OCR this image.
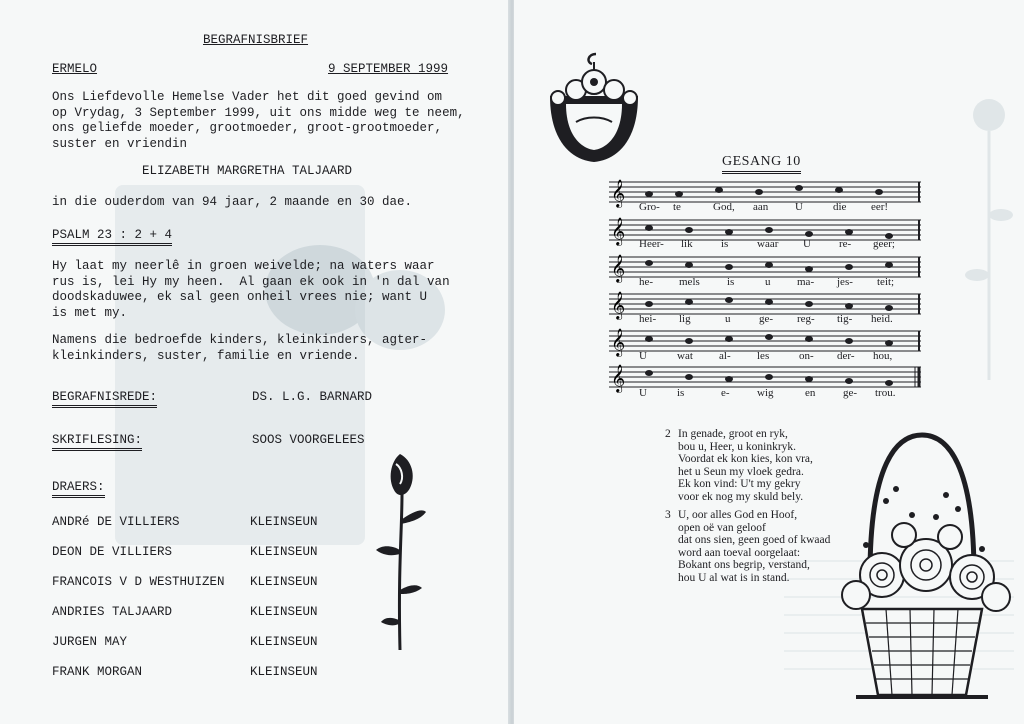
BEGRAFNISBRIEF
ERMELO	9 SEPTEMBER 1999
Ons Liefdevolle Hemelse Vader het dit goed gevind om
op Vrydag, 3 September 1999, uit ons midde weg te neem,
ons geliefde moeder, grootmoeder, groot-grootmoeder,
suster en vriendin
ELIZABETH MARGRETHA TALJAARD
in die ouderdom van 94 jaar, 2 maande en 30 dae.
PSALM 23 : 2 + 4
Hy laat my neerlê in groen weivelde; na waters waar
rus is, lei Hy my heen.  Al gaan ek ook in 'n dal van
doodskaduwee, ek sal geen onheil vrees nie; want U
is met my.
Namens die bedroefde kinders, kleinkinders, agter-
kleinkinders, suster, familie en vriende.
BEGRAFNISREDE:	DS. L.G. BARNARD
SKRIFLESING:	SOOS VOORGELEES
DRAERS:
ANDRé DE VILLIERS	KLEINSEUN
DEON DE VILLIERS	KLEINSEUN
FRANCOIS V D WESTHUIZEN KLEINSEUN
ANDRIES TALJAARD	KLEINSEUN
JURGEN MAY	KLEINSEUN
FRANK MORGAN	KLEINSEUN
GESANG 10
𝄞
𝄞
𝄞
𝄞
𝄞
𝄞
Gro- te	God, aan U	die eer!
Heer- lik	is	waar U	re- geer;
he- mels is	u ma- jes- teit;
hei- lig	u	ge- reg- tig- heid.
U	wat al- les	on- der- hou,
U	is	e- wig	en	ge- trou.
2 In genade, groot en ryk,
bou u, Heer, u koninkryk.
Voordat ek kon kies, kon vra,
het u Seun my vloek gedra.
Ek kon vind: U't my gekry
voor ek nog my skuld bely.
3 U, oor alles God en Hoof,
open oë van geloof
dat ons sien, geen goed of kwaad
word aan toeval oorgelaat:
Bokant ons begrip, verstand,
hou U al wat is in stand.
